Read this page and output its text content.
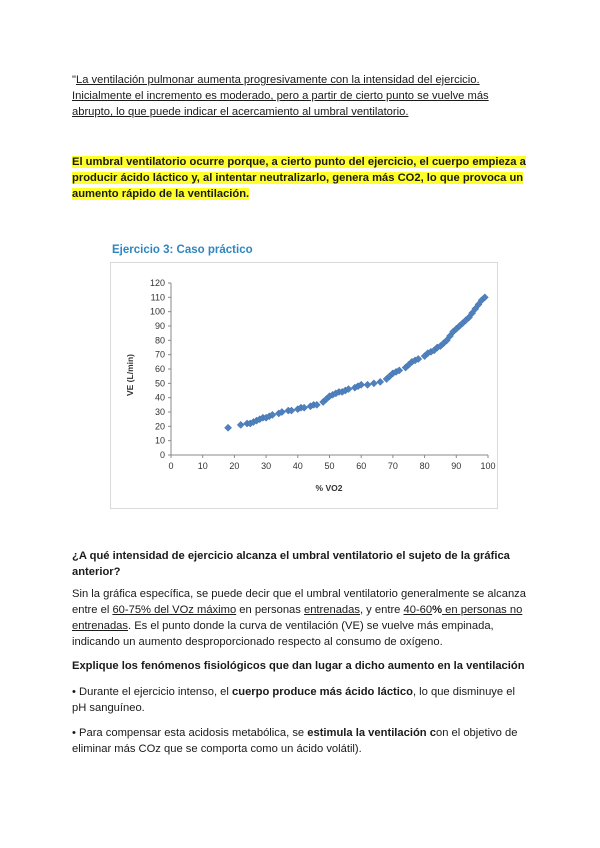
"La ventilación pulmonar aumenta progresivamente con la intensidad del ejercicio.
Inicialmente el incremento es moderado, pero a partir de cierto punto se vuelve más
abrupto, lo que puede indicar el acercamiento al umbral ventilatorio.
El umbral ventilatorio ocurre porque, a cierto punto del ejercicio, el cuerpo empieza a
producir ácido láctico y, al intentar neutralizarlo, genera más CO2, lo que provoca un
aumento rápido de la ventilación.
Ejercicio 3: Caso práctico
VE (L/min)
% VO2
0
10
20
30
40
50
60
70
80
90
100
110
120
0	10 20 30 40 50 60 70 80 90 100
¿A qué intensidad de ejercicio alcanza el umbral ventilatorio el sujeto de la gráfica
anterior?
Sin la gráfica específica, se puede decir que el umbral ventilatorio generalmente se alcanza
entre el 60-75% del VOz máximo en personas entrenadas, y entre 40-60% en personas no
entrenadas. Es el punto donde la curva de ventilación (VE) se vuelve más empinada,
indicando un aumento desproporcionado respecto al consumo de oxígeno.
Explique los fenómenos fisiológicos que dan lugar a dicho aumento en la ventilación
• Durante el ejercicio intenso, el cuerpo produce más ácido láctico, lo que disminuye el
pH sanguíneo.
• Para compensar esta acidosis metabólica, se estimula la ventilación con el objetivo de
eliminar más COz que se comporta como un ácido volátil).
